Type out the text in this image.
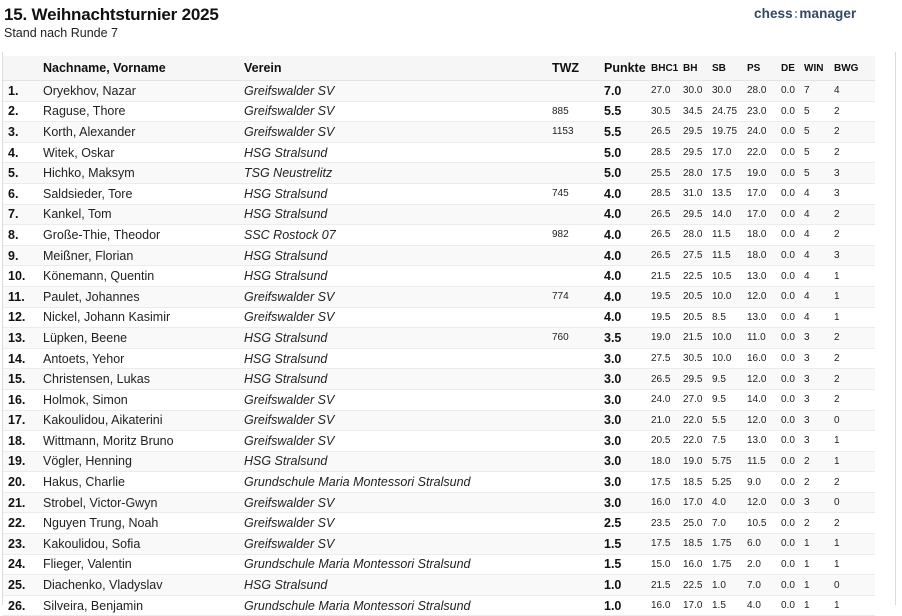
15. Weihnachtsturnier 2025
Stand nach Runde 7
chess:manager
	Nachname, Vorname	Verein	TWZ	Punkte	BHC1	BH	SB	PS	DE	WIN	BWG
1.	Oryekhov, Nazar	Greifswalder SV		7.0	27.0	30.0	30.0	28.0	0.0	7	4
2.	Raguse, Thore	Greifswalder SV	885	5.5	30.5	34.5	24.75	23.0	0.0	5	2
3.	Korth, Alexander	Greifswalder SV	1153	5.5	26.5	29.5	19.75	24.0	0.0	5	2
4.	Witek, Oskar	HSG Stralsund		5.0	28.5	29.5	17.0	22.0	0.0	5	2
5.	Hichko, Maksym	TSG Neustrelitz		5.0	25.5	28.0	17.5	19.0	0.0	5	3
6.	Saldsieder, Tore	HSG Stralsund	745	4.0	28.5	31.0	13.5	17.0	0.0	4	3
7.	Kankel, Tom	HSG Stralsund		4.0	26.5	29.5	14.0	17.0	0.0	4	2
8.	Große-Thie, Theodor	SSC Rostock 07	982	4.0	26.5	28.0	11.5	18.0	0.0	4	2
9.	Meißner, Florian	HSG Stralsund		4.0	26.5	27.5	11.5	18.0	0.0	4	3
10.	Könemann, Quentin	HSG Stralsund		4.0	21.5	22.5	10.5	13.0	0.0	4	1
11.	Paulet, Johannes	Greifswalder SV	774	4.0	19.5	20.5	10.0	12.0	0.0	4	1
12.	Nickel, Johann Kasimir	Greifswalder SV		4.0	19.5	20.5	8.5	13.0	0.0	4	1
13.	Lüpken, Beene	HSG Stralsund	760	3.5	19.0	21.5	10.0	11.0	0.0	3	2
14.	Antoets, Yehor	HSG Stralsund		3.0	27.5	30.5	10.0	16.0	0.0	3	2
15.	Christensen, Lukas	HSG Stralsund		3.0	26.5	29.5	9.5	12.0	0.0	3	2
16.	Holmok, Simon	Greifswalder SV		3.0	24.0	27.0	9.5	14.0	0.0	3	2
17.	Kakoulidou, Aikaterini	Greifswalder SV		3.0	21.0	22.0	5.5	12.0	0.0	3	0
18.	Wittmann, Moritz Bruno	Greifswalder SV		3.0	20.5	22.0	7.5	13.0	0.0	3	1
19.	Vögler, Henning	HSG Stralsund		3.0	18.0	19.0	5.75	11.5	0.0	2	1
20.	Hakus, Charlie	Grundschule Maria Montessori Stralsund		3.0	17.5	18.5	5.25	9.0	0.0	2	2
21.	Strobel, Victor-Gwyn	Greifswalder SV		3.0	16.0	17.0	4.0	12.0	0.0	3	0
22.	Nguyen Trung, Noah	Greifswalder SV		2.5	23.5	25.0	7.0	10.5	0.0	2	2
23.	Kakoulidou, Sofia	Greifswalder SV		1.5	17.5	18.5	1.75	6.0	0.0	1	1
24.	Flieger, Valentin	Grundschule Maria Montessori Stralsund		1.5	15.0	16.0	1.75	2.0	0.0	1	1
25.	Diachenko, Vladyslav	HSG Stralsund		1.0	21.5	22.5	1.0	7.0	0.0	1	0
26.	Silveira, Benjamin	Grundschule Maria Montessori Stralsund		1.0	16.0	17.0	1.5	4.0	0.0	1	1
